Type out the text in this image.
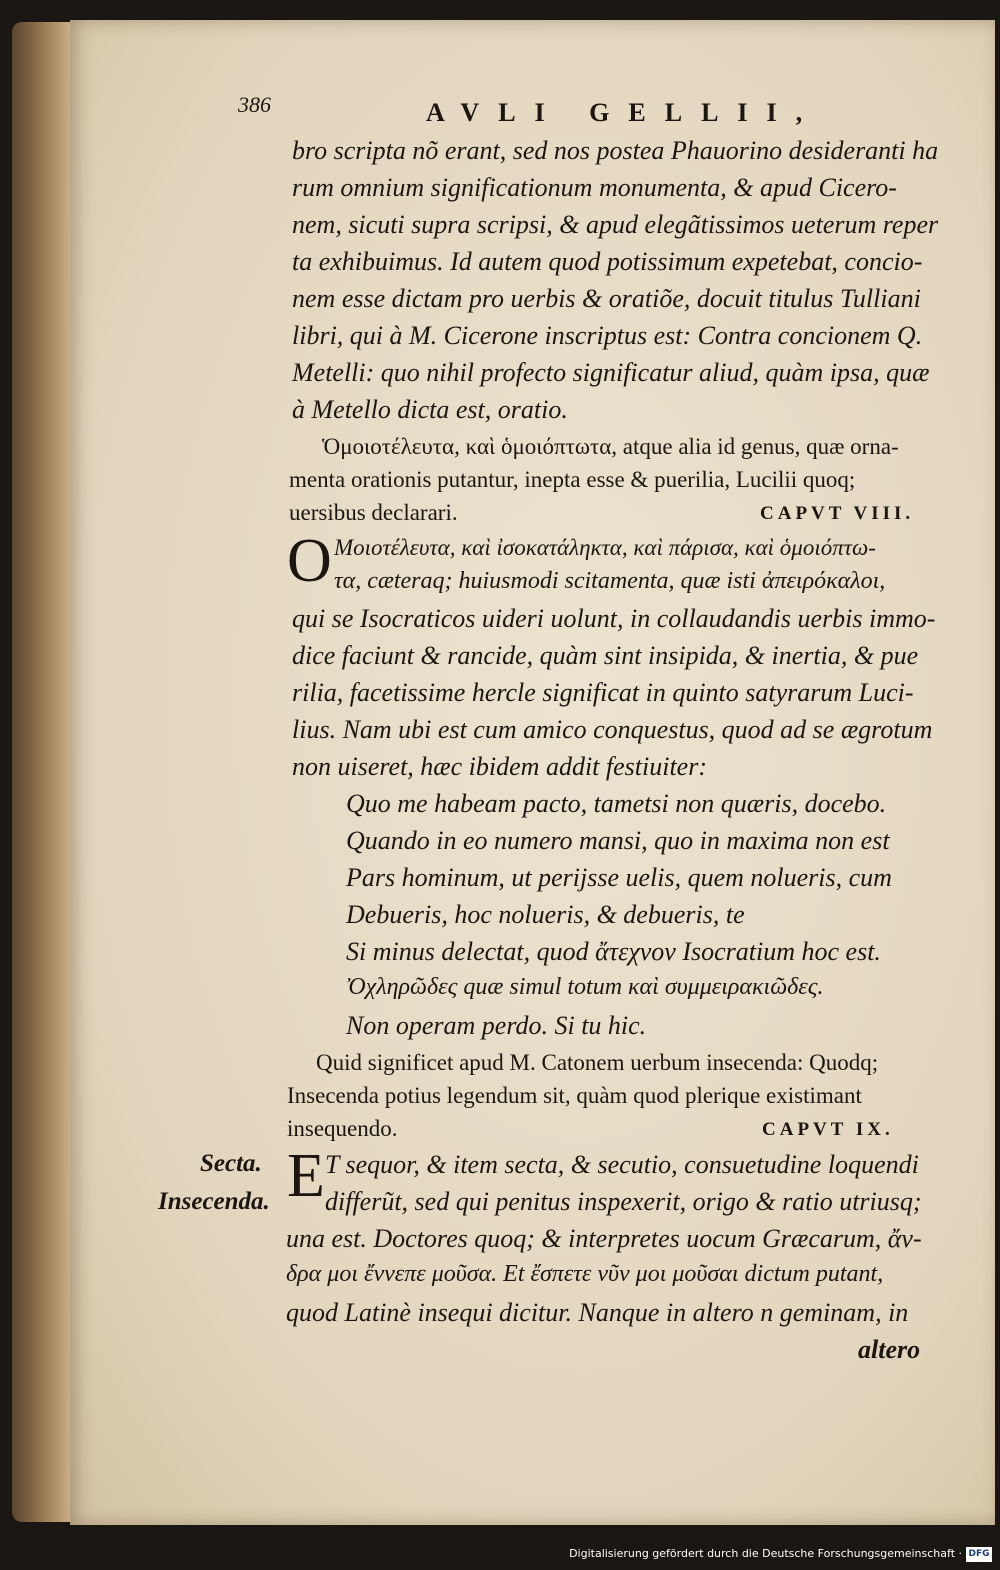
386	AVLI GELLII,
bro scripta nõ erant, sed nos postea Phauorino desideranti ha
rum omnium significationum monumenta, & apud Cicero-
nem, sicuti supra scripsi, & apud elegãtissimos ueterum reper
ta exhibuimus. Id autem quod potissimum expetebat, concio-
nem esse dictam pro uerbis & oratiõe, docuit titulus Tulliani
libri, qui à M. Cicerone inscriptus est: Contra concionem Q.
Metelli: quo nihil profecto significatur aliud, quàm ipsa, quæ
à Metello dicta est, oratio.
Ὁμοιοτέλευτα, καὶ ὁμοιόπτωτα, atque alia id genus, quæ orna-
menta orationis putantur, inepta esse & puerilia, Lucilii quoq;
uersibus declarari.	CAPVT VIII.
O Μοιοτέλευτα, καὶ ἰσοκατάληκτα, καὶ πάρισα, καὶ ὁμοιόπτω-
τα, cæteraq; huiusmodi scitamenta, quæ isti ἀπειρόκαλοι,
qui se Isocraticos uideri uolunt, in collaudandis uerbis immo-
dice faciunt & rancide, quàm sint insipida, & inertia, & pue
rilia, facetissime hercle significat in quinto satyrarum Luci-
lius. Nam ubi est cum amico conquestus, quod ad se ægrotum
non uiseret, hæc ibidem addit festiuiter:
Quo me habeam pacto, tametsi non quæris, docebo.
Quando in eo numero mansi, quo in maxima non est
Pars hominum, ut perijsse uelis, quem nolueris, cum
Debueris, hoc nolueris, & debueris, te
Si minus delectat, quod ἄτεχνον Isocratium hoc est.
Ὀχληρῶδες quæ simul totum καὶ συμμειρακιῶδες.
Non operam perdo. Si tu hic.
Quid significet apud M. Catonem uerbum insecenda: Quodq;
Insecenda potius legendum sit, quàm quod plerique existimant
insequendo.	CAPVT IX.
Secta.
Insecenda. E T sequor, & item secta, & secutio, consuetudine loquendi
differũt, sed qui penitus inspexerit, origo & ratio utriusq;
una est. Doctores quoq; & interpretes uocum Græcarum, ἄν-
δρα μοι ἔννεπε μοῦσα. Et ἔσπετε νῦν μοι μοῦσαι dictum putant,
quod Latinè insequi dicitur. Nanque in altero n geminam, in
altero
Digitalisierung gefördert durch die Deutsche Forschungsgemeinschaft · DFG
